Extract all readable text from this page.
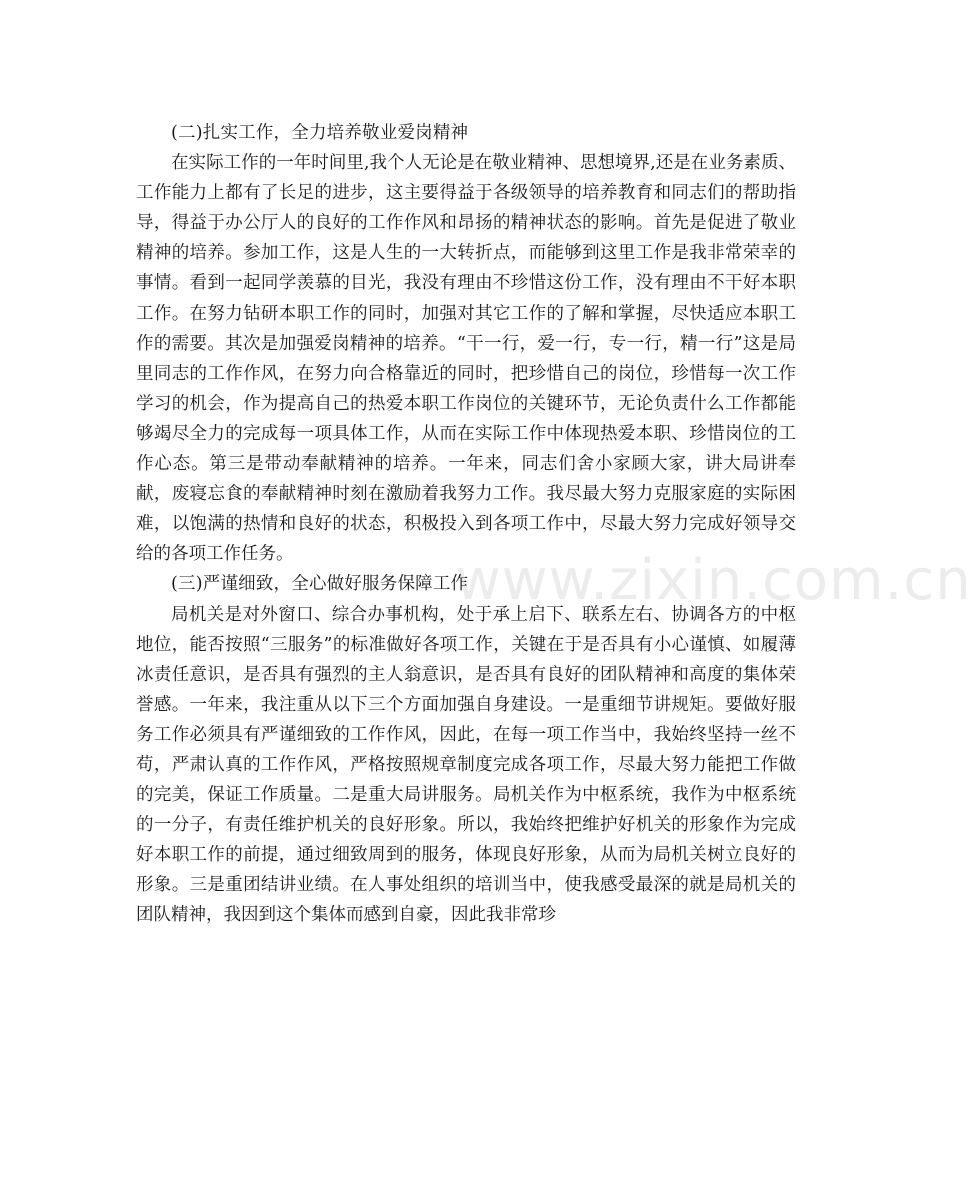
www.zixin.com.cn

(二)扎实工作，全力培养敬业爱岗精神

在实际工作的一年时间里,我个人无论是在敬业精神、思想境界,还是在业务素质、工作能力上都有了长足的进步，这主要得益于各级领导的培养教育和同志们的帮助指导，得益于办公厅人的良好的工作作风和昂扬的精神状态的影响。首先是促进了敬业精神的培养。参加工作，这是人生的一大转折点，而能够到这里工作是我非常荣幸的事情。看到一起同学羡慕的目光，我没有理由不珍惜这份工作，没有理由不干好本职工作。在努力钻研本职工作的同时，加强对其它工作的了解和掌握，尽快适应本职工作的需要。其次是加强爱岗精神的培养。“干一行，爱一行，专一行，精一行”这是局里同志的工作作风，在努力向合格靠近的同时，把珍惜自己的岗位，珍惜每一次工作学习的机会，作为提高自己的热爱本职工作岗位的关键环节，无论负责什么工作都能够竭尽全力的完成每一项具体工作，从而在实际工作中体现热爱本职、珍惜岗位的工作心态。第三是带动奉献精神的培养。一年来，同志们舍小家顾大家，讲大局讲奉献，废寝忘食的奉献精神时刻在激励着我努力工作。我尽最大努力克服家庭的实际困难，以饱满的热情和良好的状态，积极投入到各项工作中，尽最大努力完成好领导交给的各项工作任务。

(三)严谨细致，全心做好服务保障工作

局机关是对外窗口、综合办事机构，处于承上启下、联系左右、协调各方的中枢地位，能否按照“三服务”的标准做好各项工作，关键在于是否具有小心谨慎、如履薄冰责任意识，是否具有强烈的主人翁意识，是否具有良好的团队精神和高度的集体荣誉感。一年来，我注重从以下三个方面加强自身建设。一是重细节讲规矩。要做好服务工作必须具有严谨细致的工作作风，因此，在每一项工作当中，我始终坚持一丝不苟，严肃认真的工作作风，严格按照规章制度完成各项工作，尽最大努力能把工作做的完美，保证工作质量。二是重大局讲服务。局机关作为中枢系统，我作为中枢系统的一分子，有责任维护机关的良好形象。所以，我始终把维护好机关的形象作为完成好本职工作的前提，通过细致周到的服务，体现良好形象，从而为局机关树立良好的形象。三是重团结讲业绩。在人事处组织的培训当中，使我感受最深的就是局机关的团队精神，我因到这个集体而感到自豪，因此我非常珍
